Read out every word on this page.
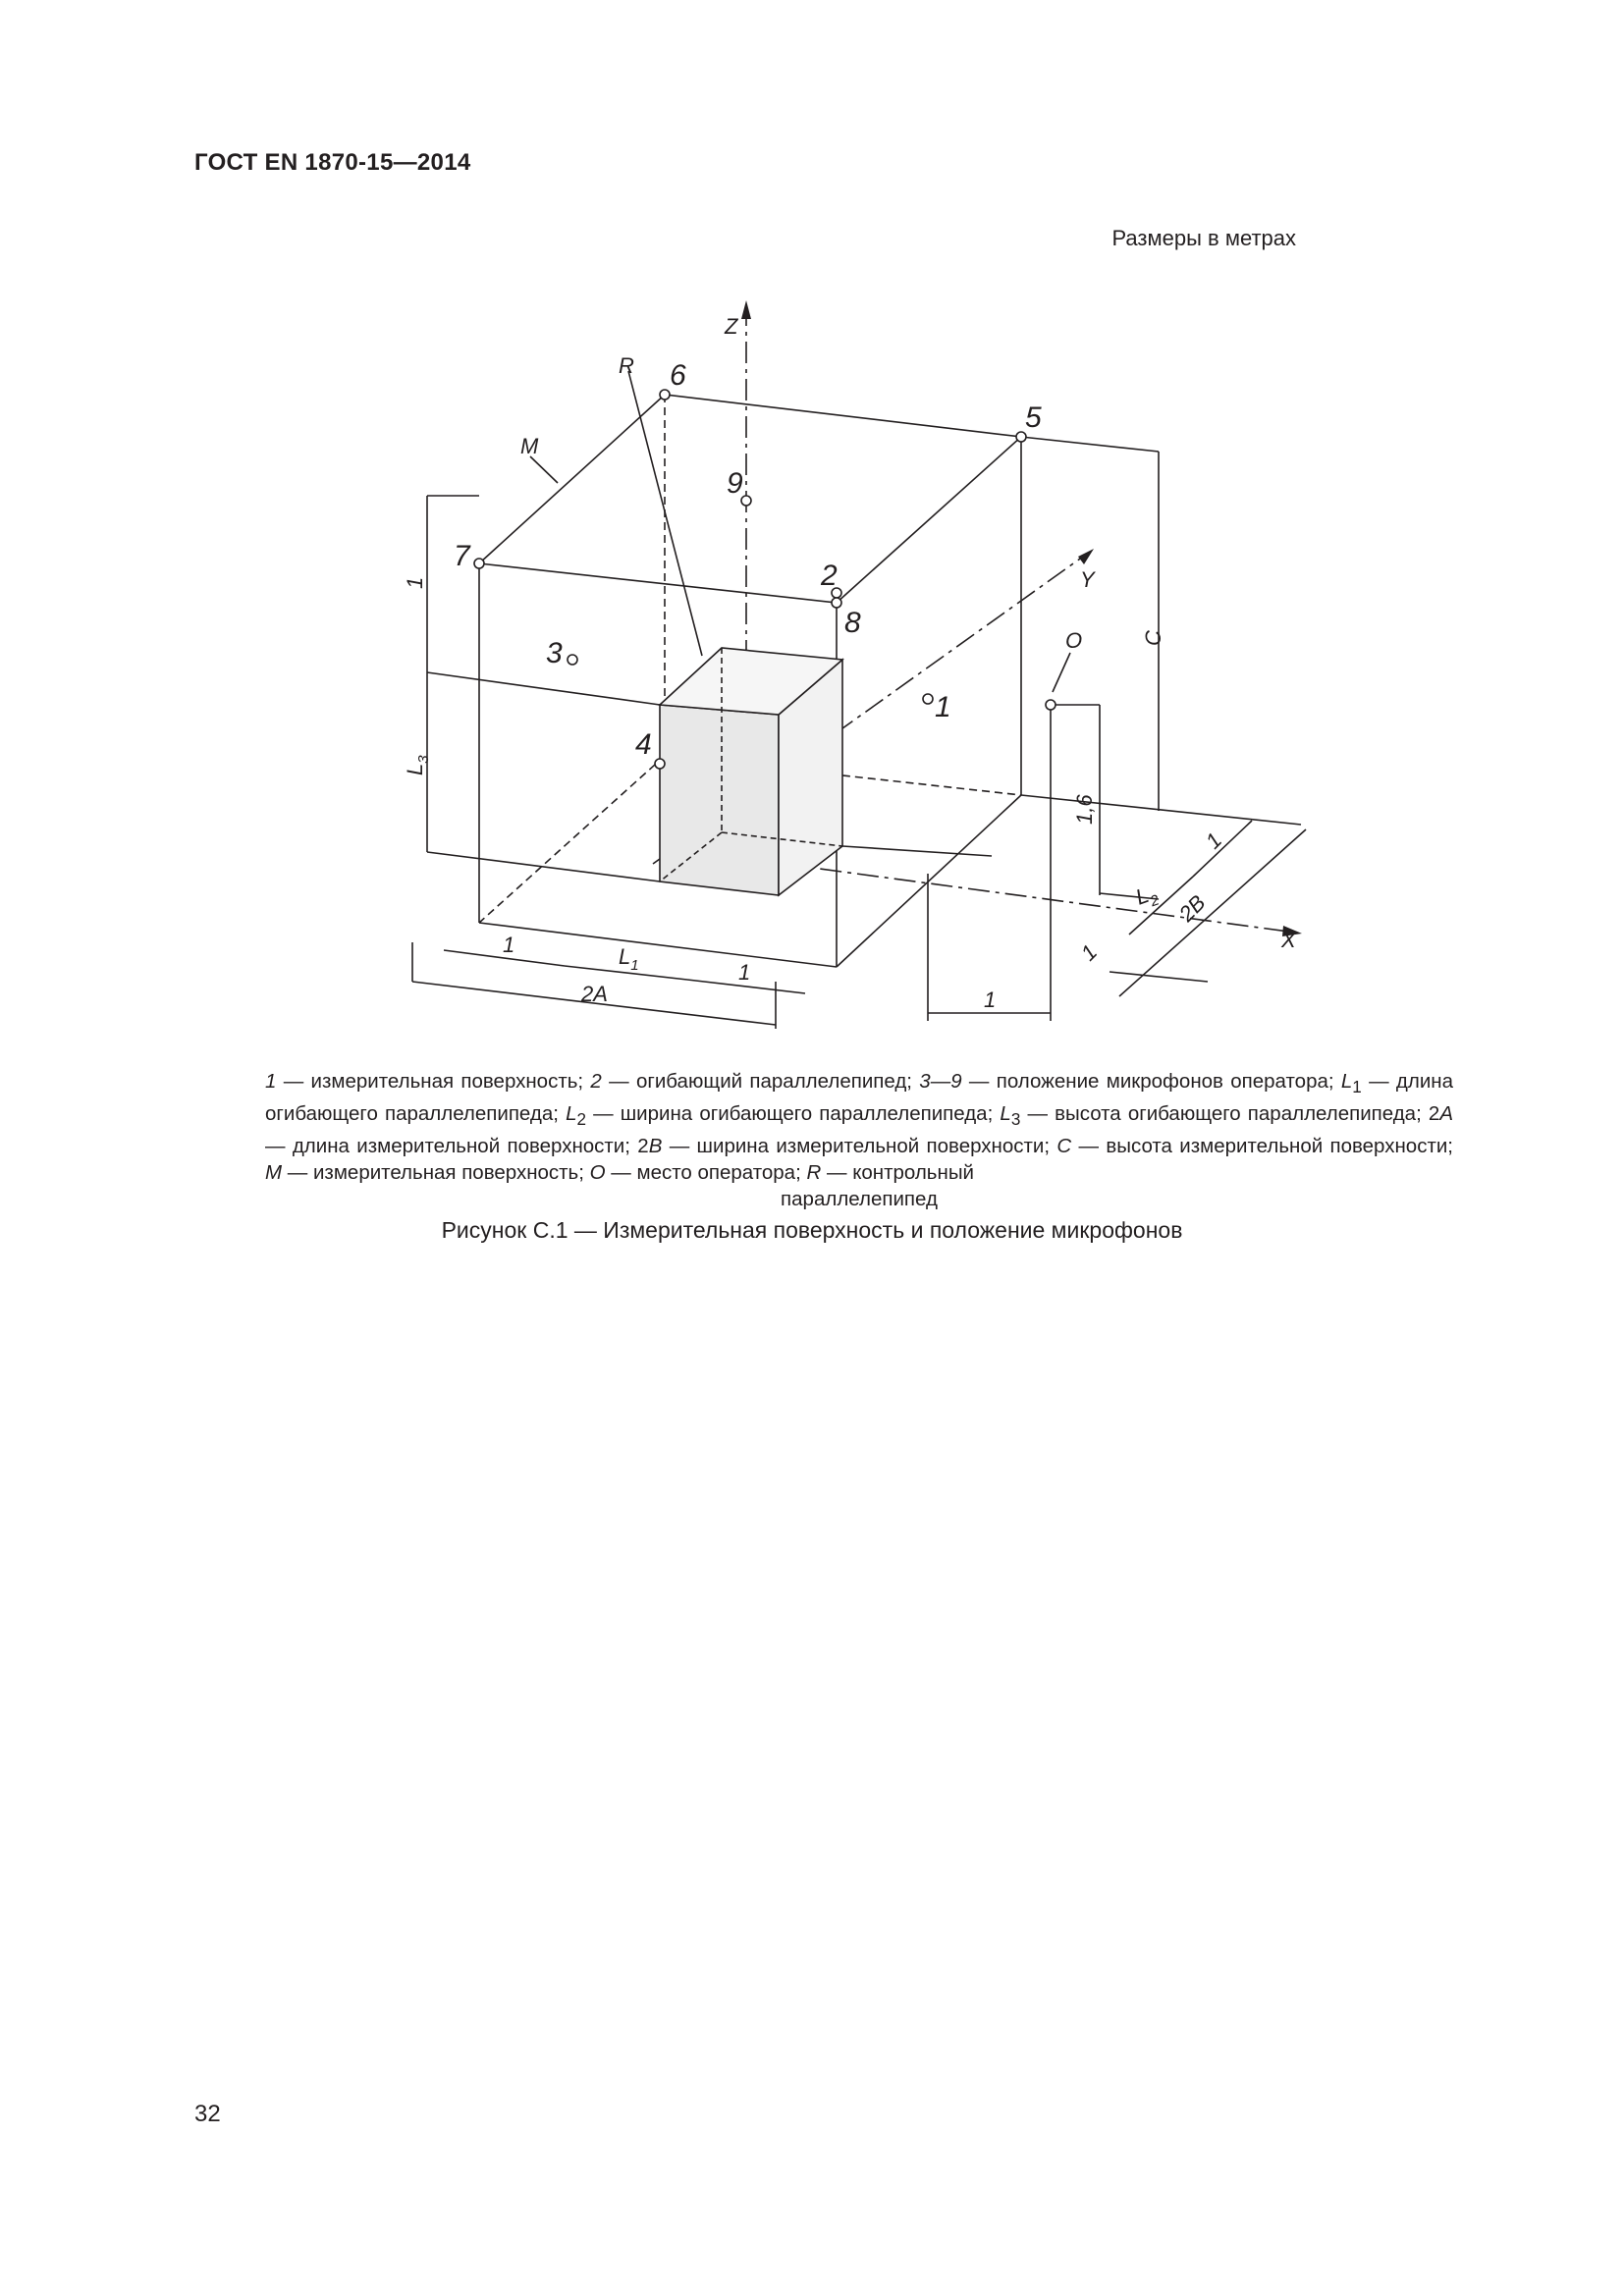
ГОСТ EN 1870-15—2014
Размеры в метрах
Z
Y
X
6
5
9
7
2
8
3
4
1
R
M
O
1
$L_3$
C
1,6
1	$L_1$	1
2A	1
1
$L_2$
1
2B
1 — измерительная поверхность; 2 — огибающий параллелепипед; 3—9 — положение микрофонов оператора; $L_1$ — длина огибающего параллелепипеда; $L_2$ — ширина огибающего параллелепипеда; $L_3$ — высота огибающего параллелепипеда; 2A — длина измерительной поверхности; 2B — ширина измерительной поверхности; C — высота измерительной поверхности; M — измерительная поверхность; O — место оператора; R — контрольный
параллелепипед
Рисунок С.1 — Измерительная поверхность и положение микрофонов
32
